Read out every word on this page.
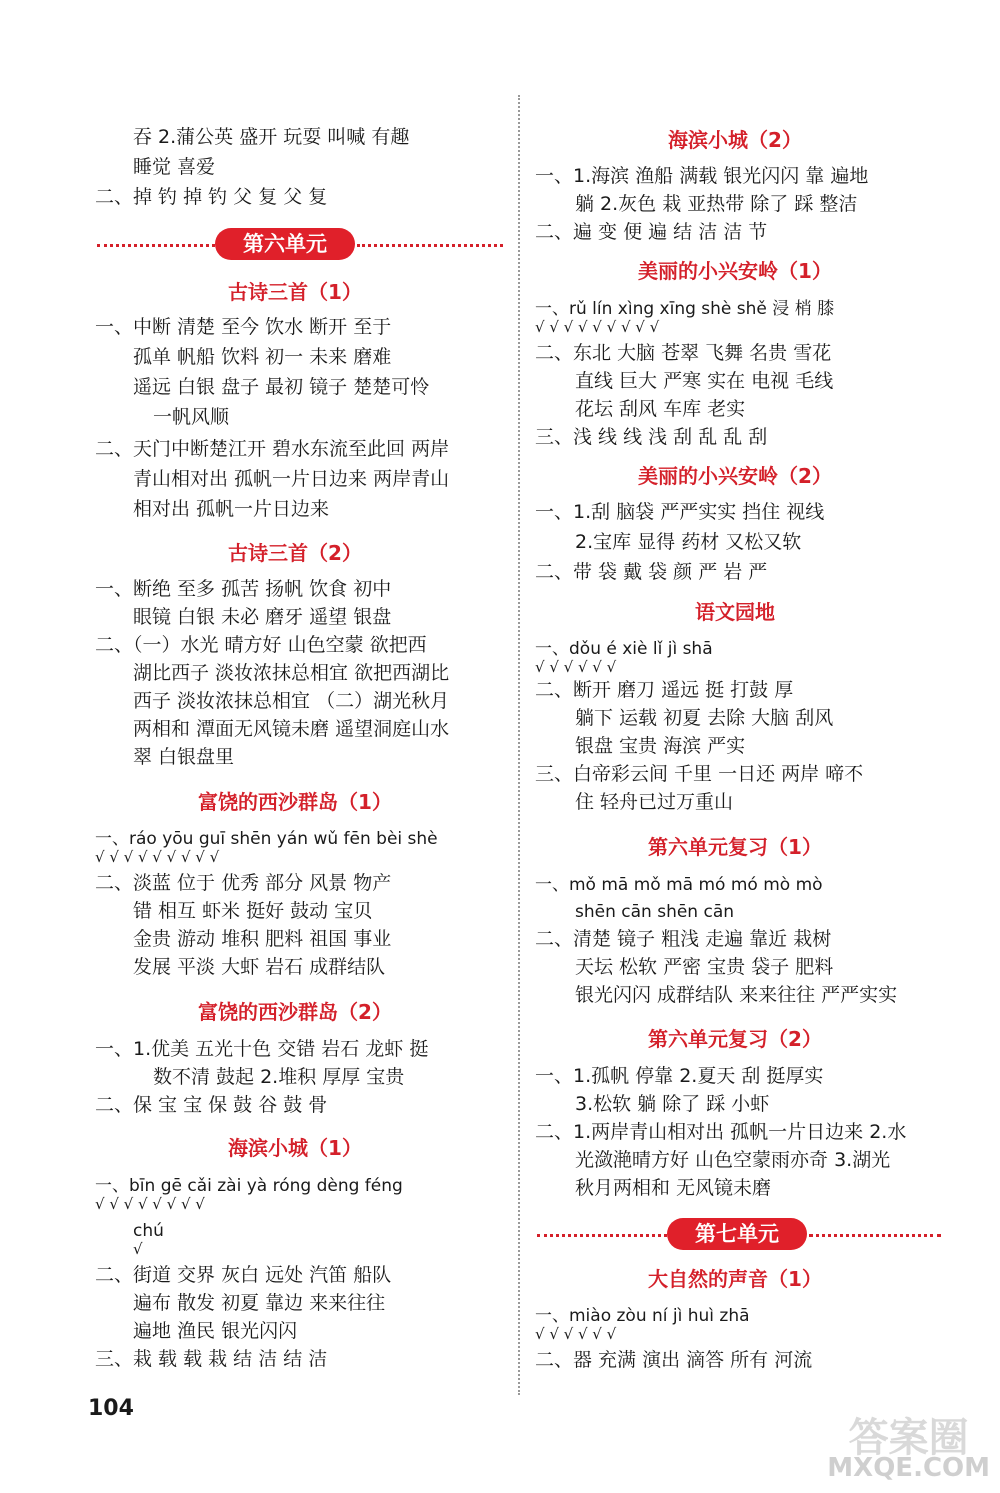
吞 2.蒲公英 盛开 玩耍 叫喊 有趣
睡觉 喜爱
二、掉 钓 掉 钓 父 复 父 复
第六单元
古诗三首（1）
一、中断 清楚 至今 饮水 断开 至于
孤单 帆船 饮料 初一 未来 磨难
遥远 白银 盘子 最初 镜子 楚楚可怜
一帆风顺
二、天门中断楚江开 碧水东流至此回 两岸
青山相对出 孤帆一片日边来 两岸青山
相对出 孤帆一片日边来
古诗三首（2）
一、断绝 至多 孤苦 扬帆 饮食 初中
眼镜 白银 未必 磨牙 遥望 银盘
二、（一）水光 晴方好 山色空蒙 欲把西
湖比西子 淡妆浓抹总相宜 欲把西湖比
西子 淡妆浓抹总相宜 （二）湖光秋月
两相和 潭面无风镜未磨 遥望洞庭山水
翠 白银盘里
富饶的西沙群岛（1）
一、ráo yōu guī shēn yán wǔ fēn bèi shè
√ √ √ √ √ √ √ √ √
二、淡蓝 位于 优秀 部分 风景 物产
错 相互 虾米 挺好 鼓动 宝贝
金贵 游动 堆积 肥料 祖国 事业
发展 平淡 大虾 岩石 成群结队
富饶的西沙群岛（2）
一、1.优美 五光十色 交错 岩石 龙虾 挺
数不清 鼓起 2.堆积 厚厚 宝贵
二、保 宝 宝 保 鼓 谷 鼓 骨
海滨小城（1）
一、bīn gē cǎi zài yà róng dèng féng
√ √ √ √ √ √ √ √
chú
√
二、街道 交界 灰白 远处 汽笛 船队
遍布 散发 初夏 靠边 来来往往
遍地 渔民 银光闪闪
三、栽 载 载 栽 结 洁 结 洁
海滨小城（2）
一、1.海滨 渔船 满载 银光闪闪 靠 遍地
躺 2.灰色 栽 亚热带 除了 踩 整洁
二、遍 变 便 遍 结 洁 洁 节
美丽的小兴安岭（1）
一、rǔ lín xìng xīng shè shě 浸 梢 膝
√ √ √ √ √ √ √ √ √
二、东北 大脑 苍翠 飞舞 名贵 雪花
直线 巨大 严寒 实在 电视 毛线
花坛 刮风 车库 老实
三、浅 线 线 浅 刮 乱 乱 刮
美丽的小兴安岭（2）
一、1.刮 脑袋 严严实实 挡住 视线
2.宝库 显得 药材 又松又软
二、带 袋 戴 袋 颜 严 岩 严
语文园地
一、dǒu é xiè lǐ jì shā
√ √ √ √ √ √
二、断开 磨刀 遥远 挺 打鼓 厚
躺下 运载 初夏 去除 大脑 刮风
银盘 宝贵 海滨 严实
三、白帝彩云间 千里 一日还 两岸 啼不
住 轻舟已过万重山
第六单元复习（1）
一、mǒ mā mǒ mā mó mó mò mò
shēn cān shēn cān
二、清楚 镜子 粗浅 走遍 靠近 栽树
天坛 松软 严密 宝贵 袋子 肥料
银光闪闪 成群结队 来来往往 严严实实
第六单元复习（2）
一、1.孤帆 停靠 2.夏天 刮 挺厚实
3.松软 躺 除了 踩 小虾
二、1.两岸青山相对出 孤帆一片日边来 2.水
光潋滟晴方好 山色空蒙雨亦奇 3.湖光
秋月两相和 无风镜未磨
第七单元
大自然的声音（1）
一、miào zòu ní jì huì zhā
√ √ √ √ √ √
二、器 充满 演出 滴答 所有 河流
104
答案圈
MXQE.COM
